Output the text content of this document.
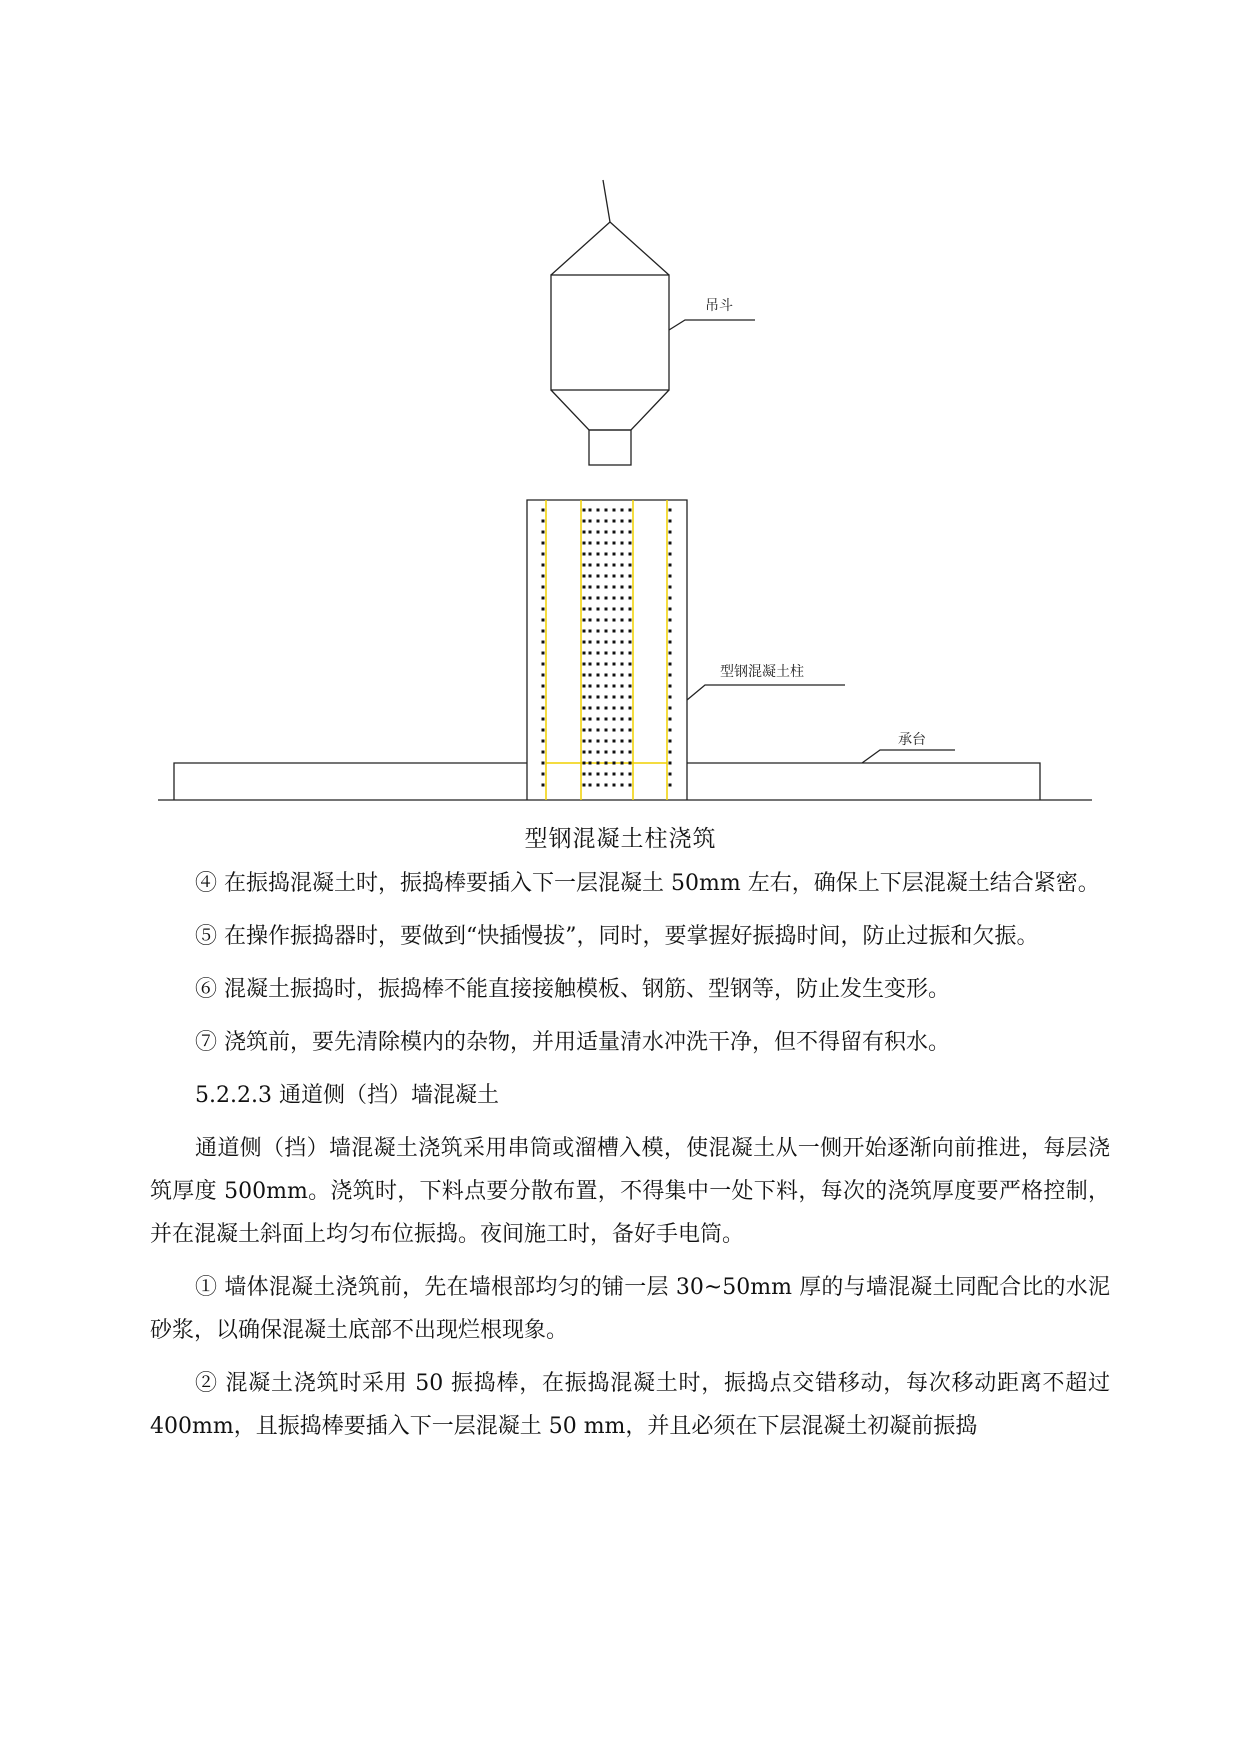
吊斗
型钢混凝土柱
承台
型钢混凝土柱浇筑

④ 在振捣混凝土时，振捣棒要插入下一层混凝土 50mm 左右，确保上下层混凝土结合紧密。

⑤ 在操作振捣器时，要做到“快插慢拔”，同时，要掌握好振捣时间，防止过振和欠振。

⑥ 混凝土振捣时，振捣棒不能直接接触模板、钢筋、型钢等，防止发生变形。

⑦ 浇筑前，要先清除模内的杂物，并用适量清水冲洗干净，但不得留有积水。

5.2.2.3 通道侧（挡）墙混凝土

通道侧（挡）墙混凝土浇筑采用串筒或溜槽入模，使混凝土从一侧开始逐渐向前推进，每层浇筑厚度 500mm。浇筑时，下料点要分散布置，不得集中一处下料，每次的浇筑厚度要严格控制，并在混凝土斜面上均匀布位振捣。夜间施工时，备好手电筒。

① 墙体混凝土浇筑前，先在墙根部均匀的铺一层 30~50mm 厚的与墙混凝土同配合比的水泥砂浆，以确保混凝土底部不出现烂根现象。

② 混凝土浇筑时采用 50 振捣棒，在振捣混凝土时，振捣点交错移动，每次移动距离不超过 400mm，且振捣棒要插入下一层混凝土 50 mm，并且必须在下层混凝土初凝前振捣
